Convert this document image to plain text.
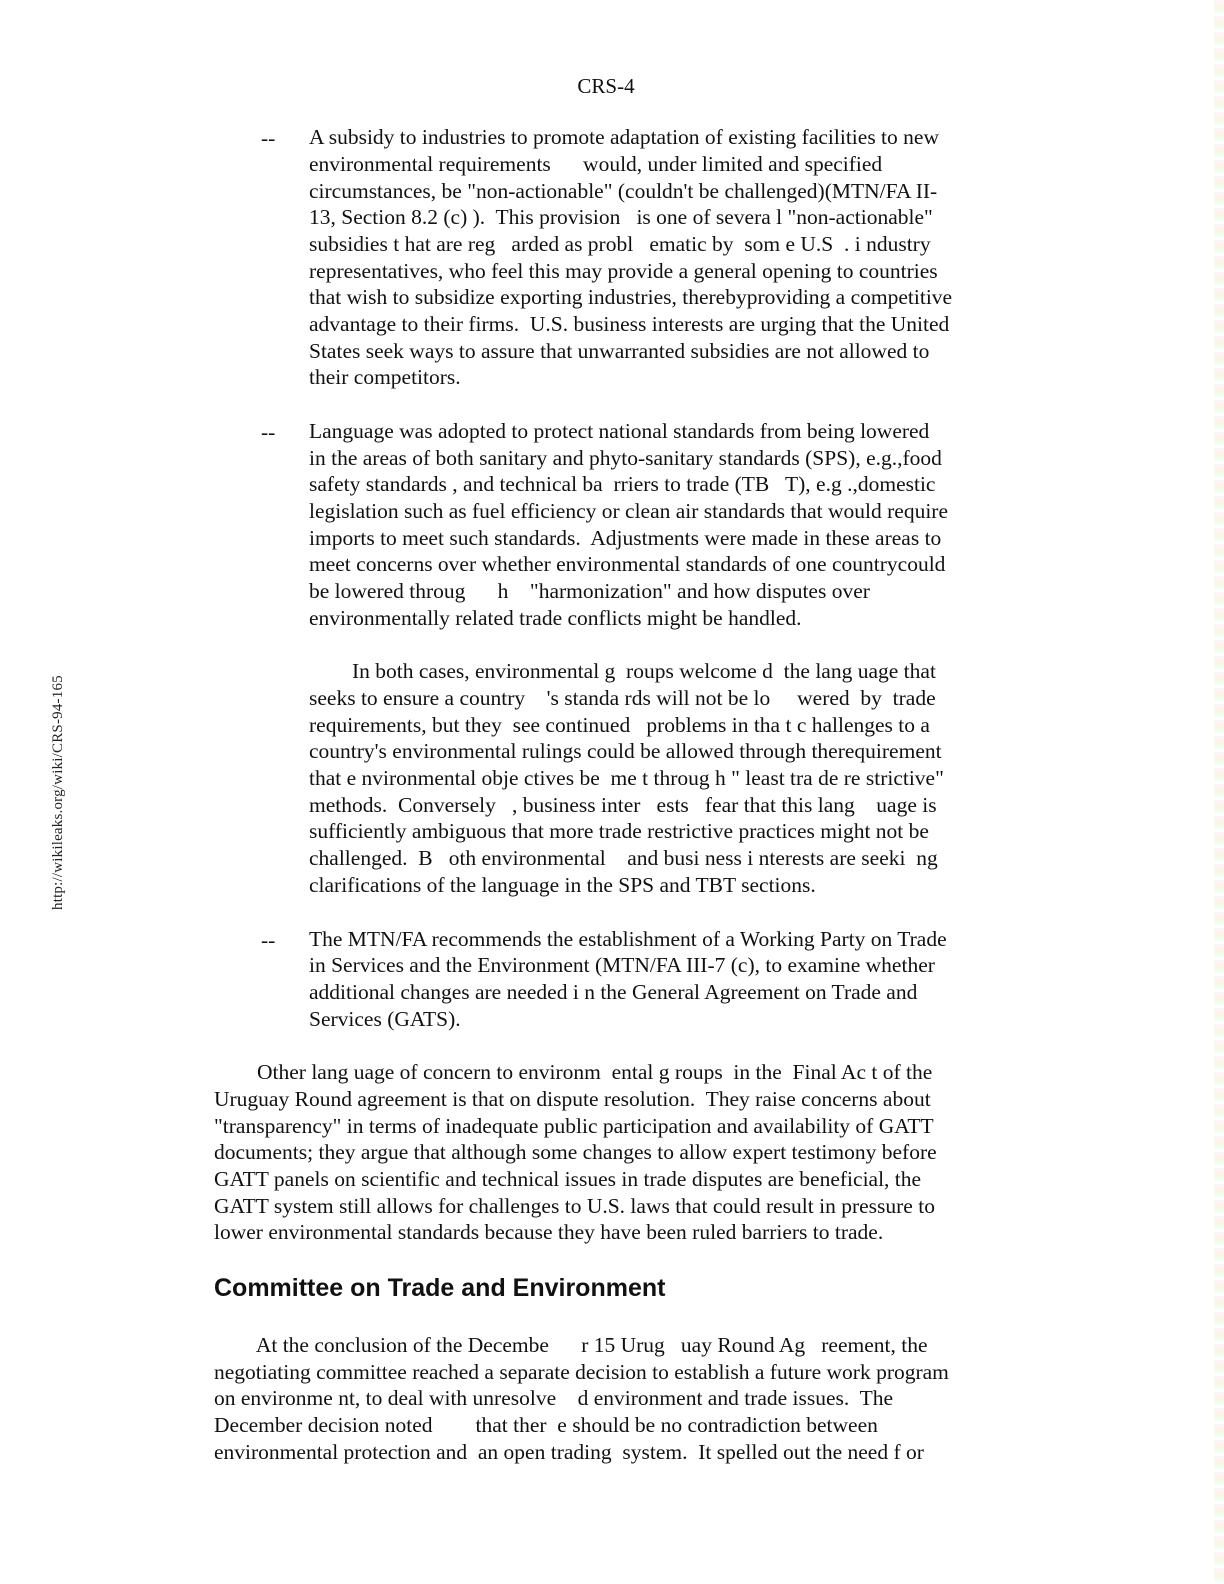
CRS-4
http://wikileaks.org/wiki/CRS-94-165
-- A subsidy to industries to promote adaptation of existing facilities to new
environmental requirements      would, under limited and specified
circumstances, be "non-actionable" (couldn't be challenged)(MTN/FA II-
13, Section 8.2 (c) ).  This provision   is one of severa l "non-actionable"
subsidies t hat are reg   arded as probl   ematic by  som e U.S  . i ndustry
representatives, who feel this may provide a general opening to countries
that wish to subsidize exporting industries, therebyproviding a competitive
advantage to their firms.  U.S. business interests are urging that the United
States seek ways to assure that unwarranted subsidies are not allowed to
their competitors.
-- Language was adopted to protect national standards from being lowered
in the areas of both sanitary and phyto-sanitary standards (SPS), e.g.,food
safety standards , and technical ba  rriers to trade (TB   T), e.g .,domestic
legislation such as fuel efficiency or clean air standards that would require
imports to meet such standards.  Adjustments were made in these areas to
meet concerns over whether environmental standards of one countrycould
be lowered throug      h    "harmonization" and how disputes over
environmentally related trade conflicts might be handled.
In both cases, environmental g  roups welcome d  the lang uage that
seeks to ensure a country    's standa rds will not be lo     wered  by  trade
requirements, but they  see continued   problems in tha t c hallenges to a
country's environmental rulings could be allowed through therequirement
that e nvironmental obje ctives be  me t throug h " least tra de re strictive"
methods.  Conversely   , business inter   ests   fear that this lang    uage is
sufficiently ambiguous that more trade restrictive practices might not be
challenged.  B   oth environmental    and busi ness i nterests are seeki  ng
clarifications of the language in the SPS and TBT sections.
-- The MTN/FA recommends the establishment of a Working Party on Trade
in Services and the Environment (MTN/FA III-7 (c), to examine whether
additional changes are needed i n the General Agreement on Trade and
Services (GATS).
Other lang uage of concern to environm  ental g roups  in the  Final Ac t of the
Uruguay Round agreement is that on dispute resolution.  They raise concerns about
"transparency" in terms of inadequate public participation and availability of GATT
documents; they argue that although some changes to allow expert testimony before
GATT panels on scientific and technical issues in trade disputes are beneficial, the
GATT system still allows for challenges to U.S. laws that could result in pressure to
lower environmental standards because they have been ruled barriers to trade.
Committee on Trade and Environment
At the conclusion of the Decembe      r 15 Urug   uay Round Ag   reement, the
negotiating committee reached a separate decision to establish a future work program
on environme nt, to deal with unresolve    d environment and trade issues.  The
December decision noted        that ther  e should be no contradiction between
environmental protection and  an open trading  system.  It spelled out the need f or
